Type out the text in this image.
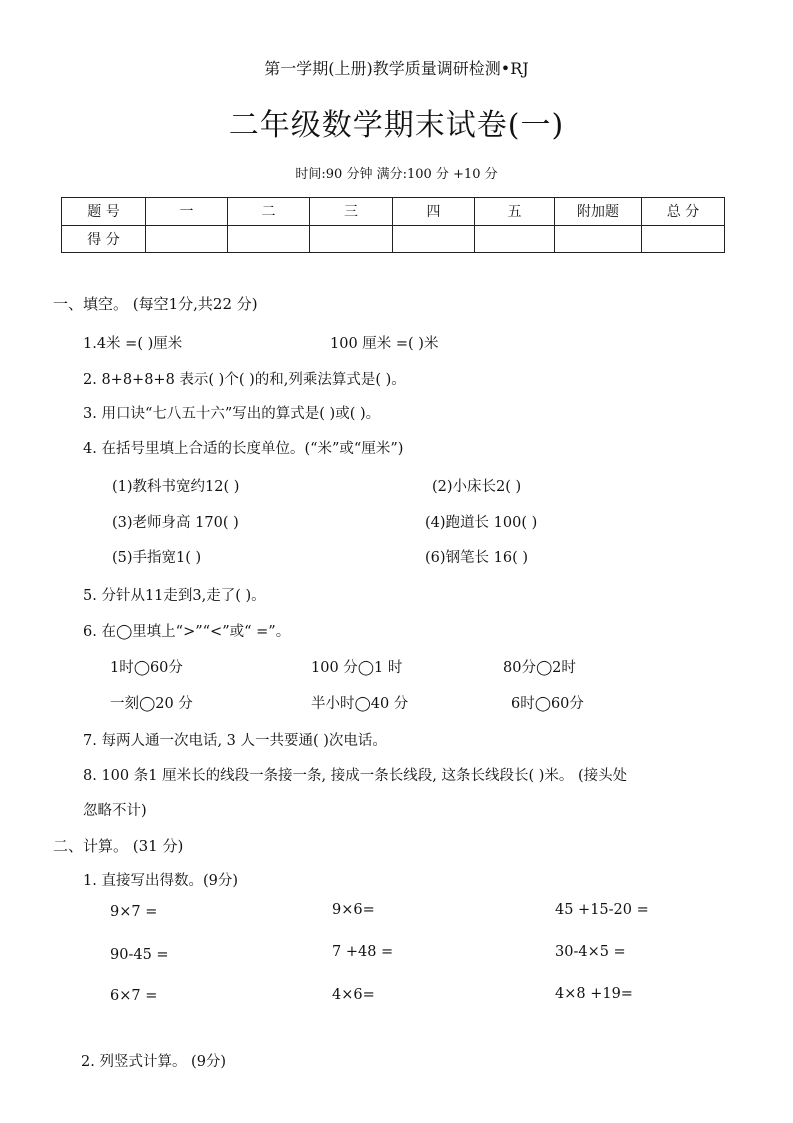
第一学期(上册)教学质量调研检测•RJ
二年级数学期末试卷(一)
时间:90 分钟 满分:100 分 +10 分
题 号	一	二	三	四	五	附加题	总 分
得 分							
一、填空。 (每空1分,共22 分)
1.4米 =( )厘米	100 厘米 =( )米
2. 8+8+8+8 表示( )个( )的和,列乘法算式是( )。
3. 用口诀“七八五十六”写出的算式是( )或( )。
4. 在括号里填上合适的长度单位。(“米”或“厘米”)
(1)教科书宽约12( )	(2)小床长2( )
(3)老师身高 170( )	(4)跑道长 100( )
(5)手指宽1( )	(6)钢笔长 16( )
5. 分针从11走到3,走了( )。
6. 在◯里填上“>”“<”或“ =”。
1时◯60分	100 分◯1 时	80分◯2时
一刻◯20 分	半小时◯40 分	6时◯60分
7. 每两人通一次电话, 3 人一共要通( )次电话。
8. 100 条1 厘米长的线段一条接一条, 接成一条长线段, 这条长线段长( )米。 (接头处
忽略不计)
二、计算。 (31 分)
1. 直接写出得数。(9分)
9×7 =	9×6=	45 +15-20 =
90-45 =	7 +48 =	30-4×5 =
6×7 =	4×6=	4×8 +19=
2. 列竖式计算。 (9分)
